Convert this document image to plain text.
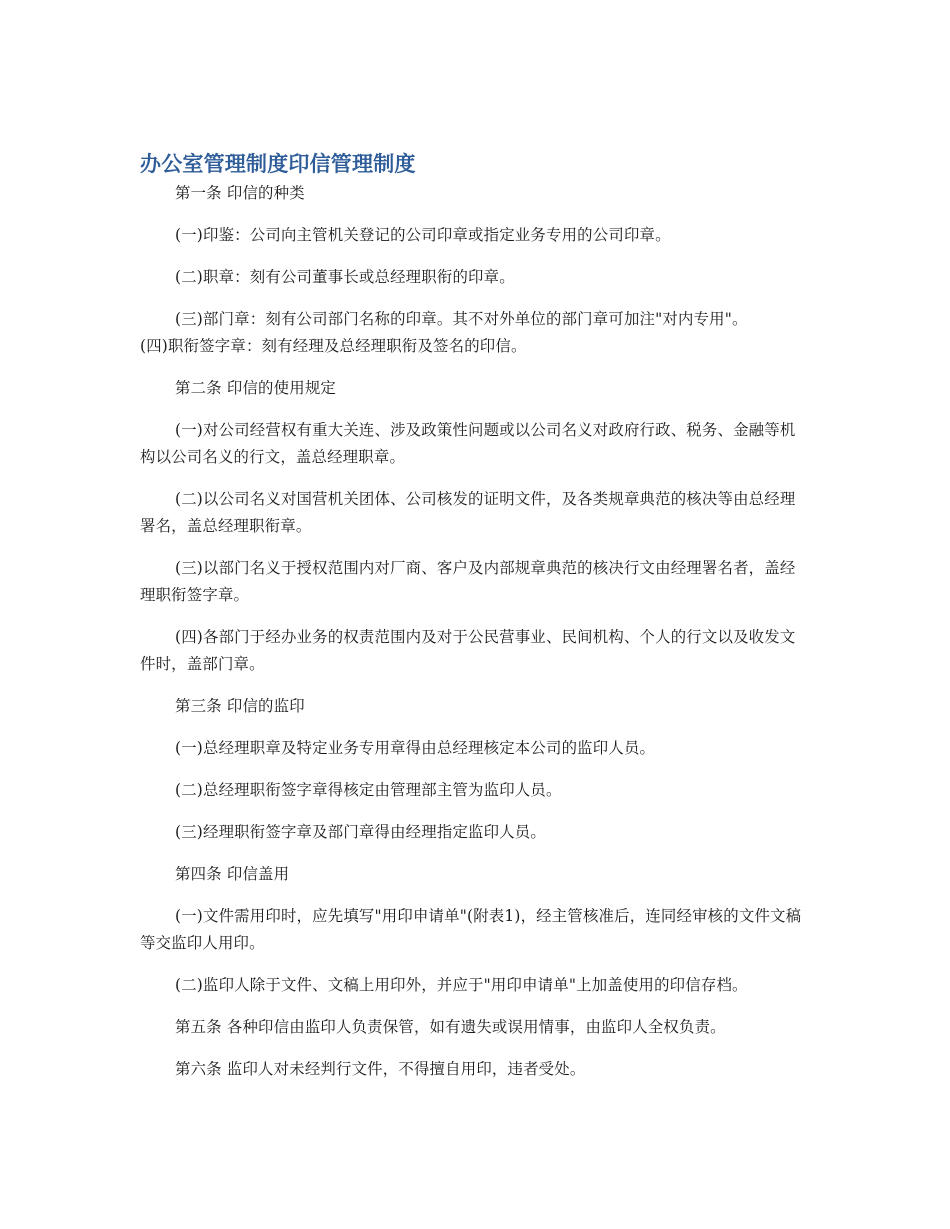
办公室管理制度印信管理制度

第一条 印信的种类

(一)印鉴：公司向主管机关登记的公司印章或指定业务专用的公司印章。

(二)职章：刻有公司董事长或总经理职衔的印章。

(三)部门章：刻有公司部门名称的印章。其不对外单位的部门章可加注"对内专用"。

(四)职衔签字章：刻有经理及总经理职衔及签名的印信。

第二条 印信的使用规定

(一)对公司经营权有重大关连、涉及政策性问题或以公司名义对政府行政、税务、金融等机构以公司名义的行文，盖总经理职章。

(二)以公司名义对国营机关团体、公司核发的证明文件，及各类规章典范的核决等由总经理署名，盖总经理职衔章。

(三)以部门名义于授权范围内对厂商、客户及内部规章典范的核决行文由经理署名者，盖经理职衔签字章。

(四)各部门于经办业务的权责范围内及对于公民营事业、民间机构、个人的行文以及收发文件时，盖部门章。

第三条 印信的监印

(一)总经理职章及特定业务专用章得由总经理核定本公司的监印人员。

(二)总经理职衔签字章得核定由管理部主管为监印人员。

(三)经理职衔签字章及部门章得由经理指定监印人员。

第四条 印信盖用

(一)文件需用印时，应先填写"用印申请单"(附表1)，经主管核准后，连同经审核的文件文稿等交监印人用印。

(二)监印人除于文件、文稿上用印外，并应于"用印申请单"上加盖使用的印信存档。

第五条 各种印信由监印人负责保管，如有遗失或误用情事，由监印人全权负责。

第六条 监印人对未经判行文件，不得擅自用印，违者受处。
